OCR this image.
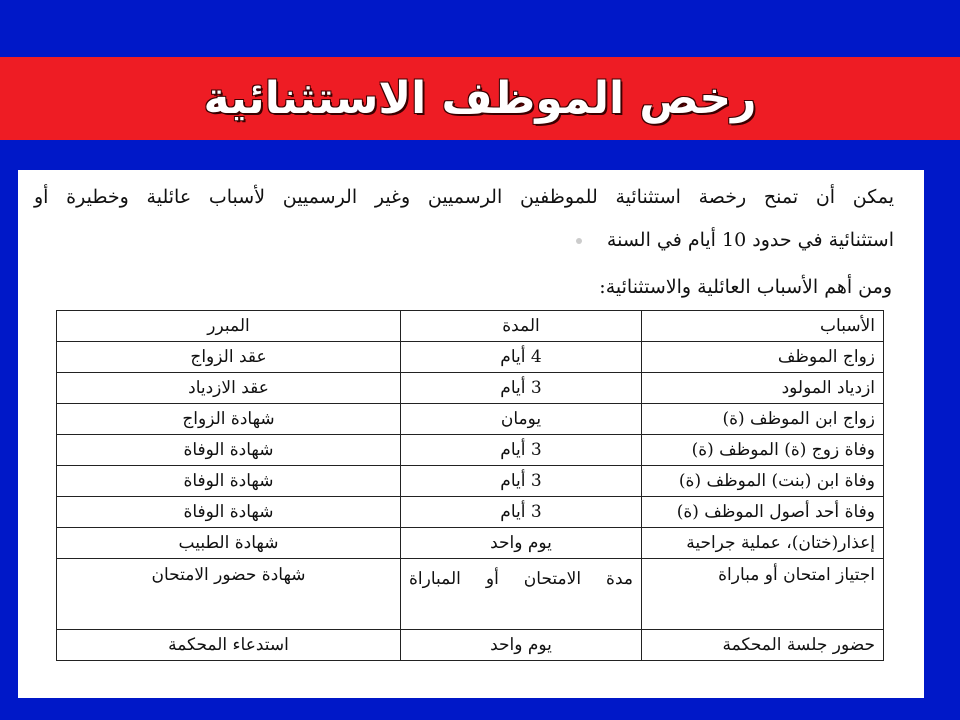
رخص الموظف الاستثنائية
يمكن أن تمنح رخصة استثنائية للموظفين الرسميين وغير الرسميين لأسباب عائلية وخطيرة أو
استثنائية في حدود 10 أيام في السنة
ومن أهم الأسباب العائلية والاستثنائية:
الأسباب	المدة	المبرر
زواج الموظف	4 أيام	عقد الزواج
ازدياد المولود	3 أيام	عقد الازدياد
زواج ابن الموظف (ة)	يومان	شهادة الزواج
وفاة زوج (ة) الموظف (ة)	3 أيام	شهادة الوفاة
وفاة ابن (بنت) الموظف (ة)	3 أيام	شهادة الوفاة
وفاة أحد أصول الموظف (ة)	3 أيام	شهادة الوفاة
إعذار(ختان)، عملية جراحية	يوم واحد	شهادة الطبيب
اجتياز امتحان أو مباراة	مدة الامتحان أو المباراة	شهادة حضور الامتحان
حضور جلسة المحكمة	يوم واحد	استدعاء المحكمة
